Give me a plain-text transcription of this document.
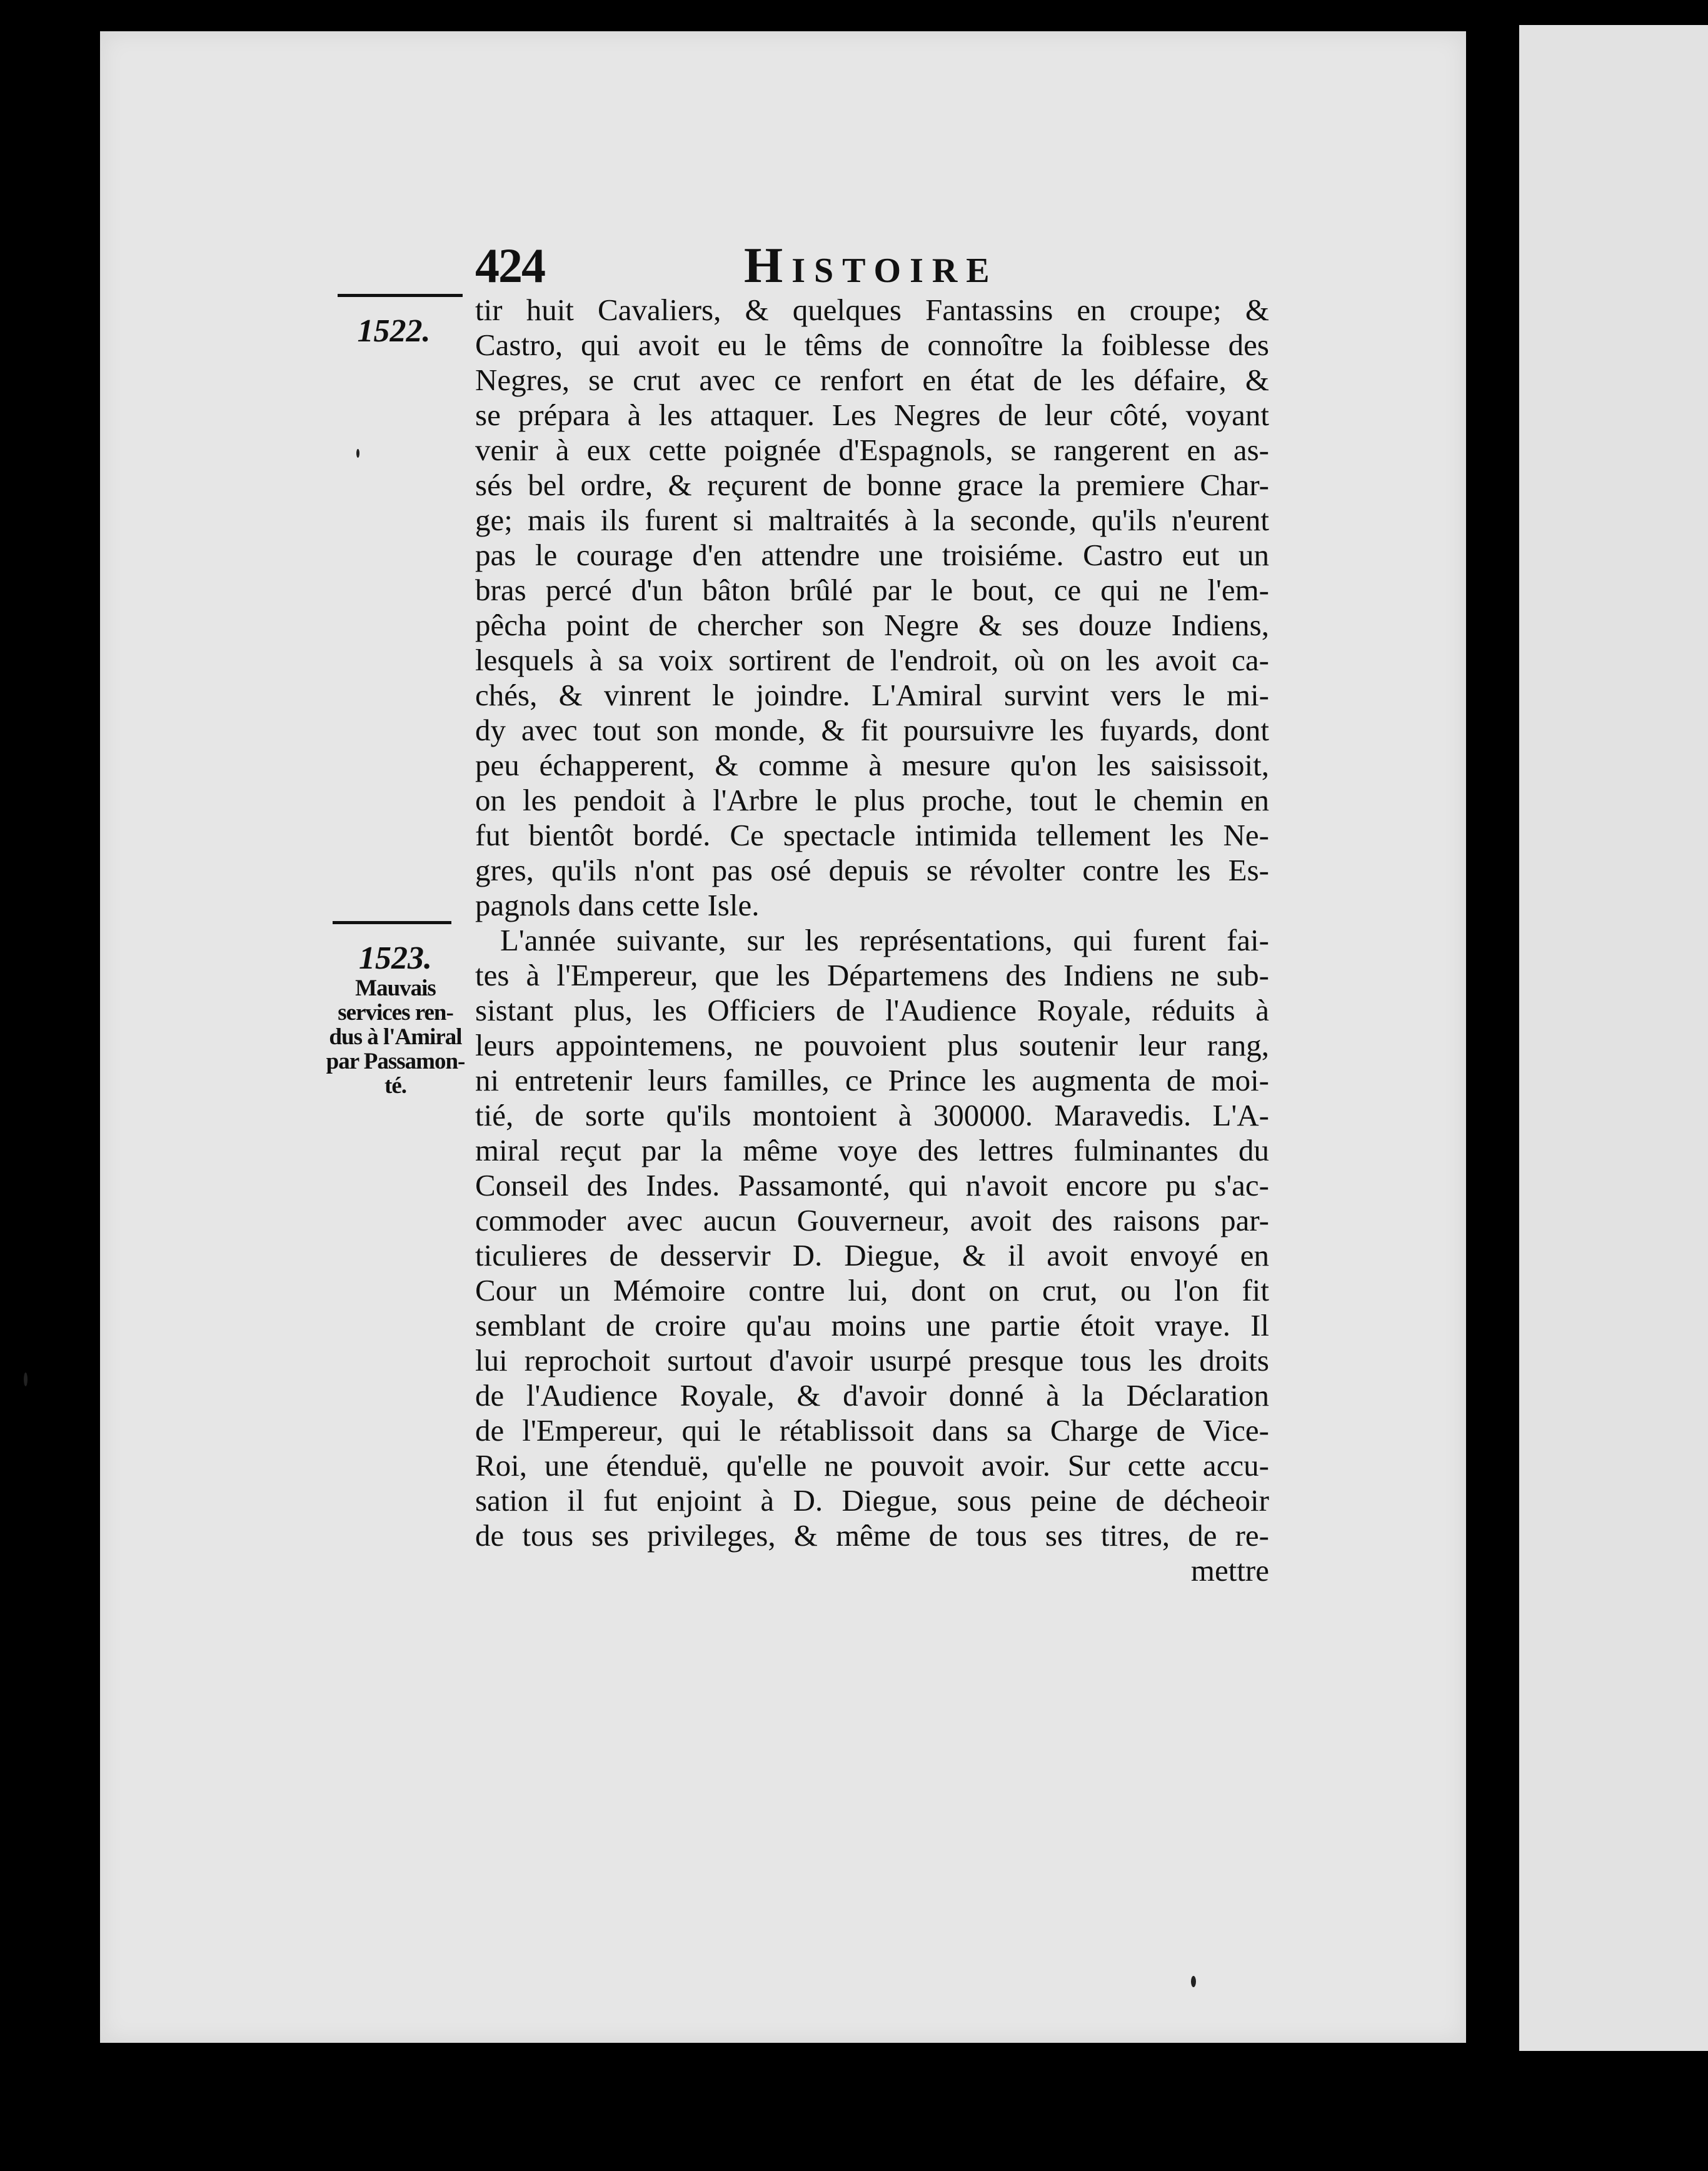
424	Histoire
1522.
1523.
Mauvais
services ren-
dus à l'Amiral
par Passamon-
té.
tir huit Cavaliers, & quelques Fantassins en croupe; &
Castro, qui avoit eu le têms de connoître la foiblesse des
Negres, se crut avec ce renfort en état de les défaire, &
se prépara à les attaquer. Les Negres de leur côté, voyant
venir à eux cette poignée d'Espagnols, se rangerent en as-
sés bel ordre, & reçurent de bonne grace la premiere Char-
ge; mais ils furent si maltraités à la seconde, qu'ils n'eurent
pas le courage d'en attendre une troisiéme. Castro eut un
bras percé d'un bâton brûlé par le bout, ce qui ne l'em-
pêcha point de chercher son Negre & ses douze Indiens,
lesquels à sa voix sortirent de l'endroit, où on les avoit ca-
chés, & vinrent le joindre. L'Amiral survint vers le mi-
dy avec tout son monde, & fit poursuivre les fuyards, dont
peu échapperent, & comme à mesure qu'on les saisissoit,
on les pendoit à l'Arbre le plus proche, tout le chemin en
fut bientôt bordé. Ce spectacle intimida tellement les Ne-
gres, qu'ils n'ont pas osé depuis se révolter contre les Es-
pagnols dans cette Isle.
L'année suivante, sur les représentations, qui furent fai-
tes à l'Empereur, que les Départemens des Indiens ne sub-
sistant plus, les Officiers de l'Audience Royale, réduits à
leurs appointemens, ne pouvoient plus soutenir leur rang,
ni entretenir leurs familles, ce Prince les augmenta de moi-
tié, de sorte qu'ils montoient à 300000. Maravedis. L'A-
miral reçut par la même voye des lettres fulminantes du
Conseil des Indes. Passamonté, qui n'avoit encore pu s'ac-
commoder avec aucun Gouverneur, avoit des raisons par-
ticulieres de desservir D. Diegue, & il avoit envoyé en
Cour un Mémoire contre lui, dont on crut, ou l'on fit
semblant de croire qu'au moins une partie étoit vraye. Il
lui reprochoit surtout d'avoir usurpé presque tous les droits
de l'Audience Royale, & d'avoir donné à la Déclaration
de l'Empereur, qui le rétablissoit dans sa Charge de Vice-
Roi, une étenduë, qu'elle ne pouvoit avoir. Sur cette accu-
sation il fut enjoint à D. Diegue, sous peine de décheoir
de tous ses privileges, & même de tous ses titres, de re-
mettre
